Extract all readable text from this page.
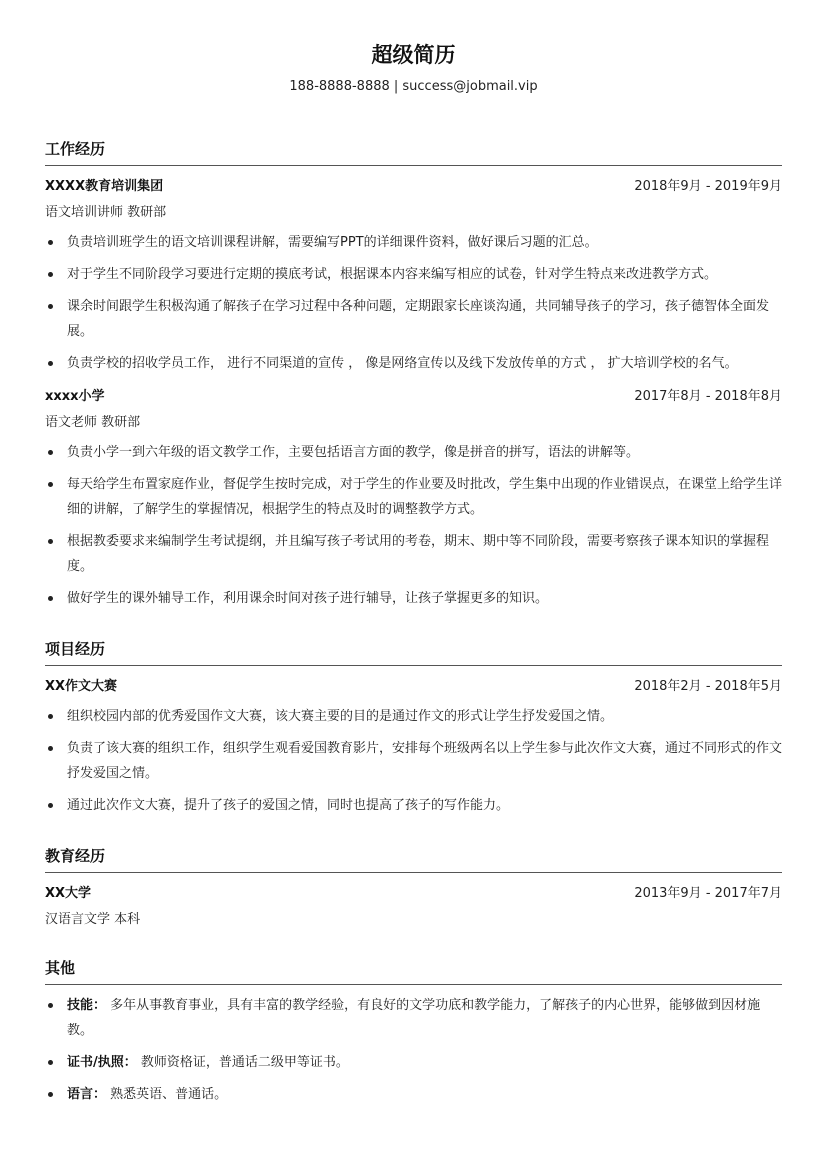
超级简历
188-8888-8888 | success@jobmail.vip
工作经历
XXXX教育培训集团	2018年9月 - 2019年9月
语文培训讲师 教研部
负责培训班学生的语文培训课程讲解，需要编写PPT的详细课件资料，做好课后习题的汇总。
对于学生不同阶段学习要进行定期的摸底考试，根据课本内容来编写相应的试卷，针对学生特点来改进教学方式。
课余时间跟学生积极沟通了解孩子在学习过程中各种问题，定期跟家长座谈沟通，共同辅导孩子的学习，孩子德智体全面发展。
负责学校的招收学员工作， 进行不同渠道的宣传 ， 像是网络宣传以及线下发放传单的方式 ， 扩大培训学校的名气。
xxxx小学	2017年8月 - 2018年8月
语文老师 教研部
负责小学一到六年级的语文教学工作，主要包括语言方面的教学，像是拼音的拼写，语法的讲解等。
每天给学生布置家庭作业，督促学生按时完成，对于学生的作业要及时批改，学生集中出现的作业错误点，在课堂上给学生详细的讲解，了解学生的掌握情况，根据学生的特点及时的调整教学方式。
根据教委要求来编制学生考试提纲，并且编写孩子考试用的考卷，期末、期中等不同阶段，需要考察孩子课本知识的掌握程度。
做好学生的课外辅导工作，利用课余时间对孩子进行辅导，让孩子掌握更多的知识。
项目经历
XX作文大赛	2018年2月 - 2018年5月
组织校园内部的优秀爱国作文大赛，该大赛主要的目的是通过作文的形式让学生抒发爱国之情。
负责了该大赛的组织工作，组织学生观看爱国教育影片，安排每个班级两名以上学生参与此次作文大赛，通过不同形式的作文抒发爱国之情。
通过此次作文大赛，提升了孩子的爱国之情，同时也提高了孩子的写作能力。
教育经历
XX大学	2013年9月 - 2017年7月
汉语言文学 本科
其他
技能： 多年从事教育事业，具有丰富的教学经验，有良好的文学功底和教学能力，了解孩子的内心世界，能够做到因材施教。
证书/执照： 教师资格证，普通话二级甲等证书。
语言： 熟悉英语、普通话。
